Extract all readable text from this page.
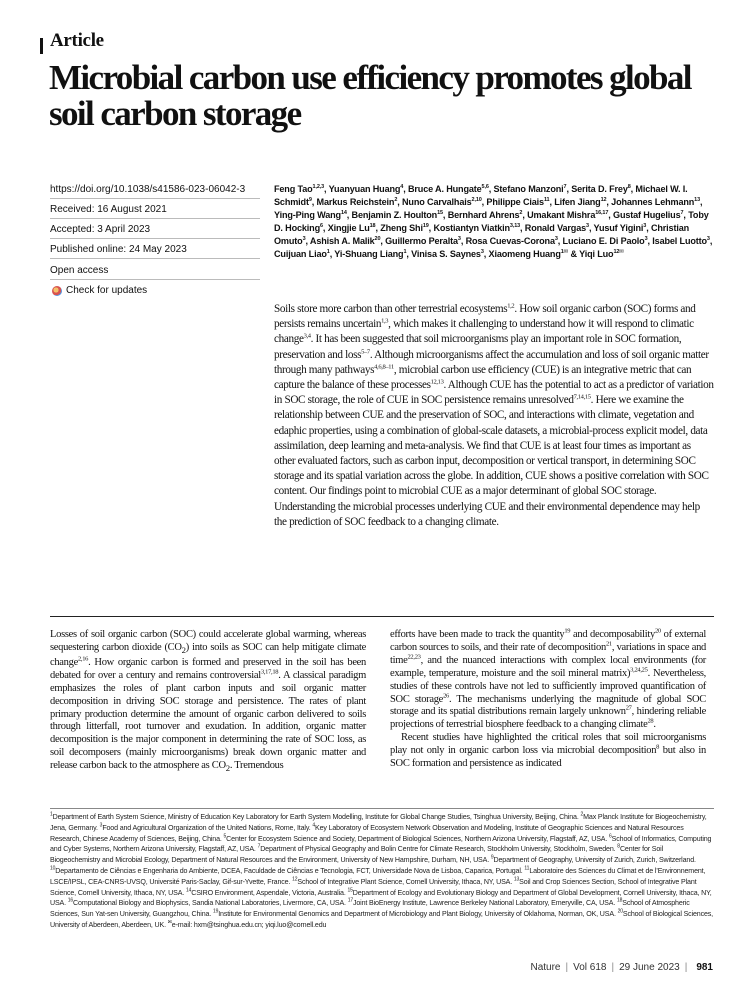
Article
Microbial carbon use efficiency promotes global soil carbon storage
https://doi.org/10.1038/s41586-023-06042-3
Received: 16 August 2021
Accepted: 3 April 2023
Published online: 24 May 2023
Open access
Check for updates
Feng Tao$^{1,2,3}$, Yuanyuan Huang$^4$, Bruce A. Hungate$^{5,6}$, Stefano Manzoni$^7$, Serita D. Frey$^8$, Michael W. I. Schmidt$^9$, Markus Reichstein$^2$, Nuno Carvalhais$^{2,10}$, Philippe Ciais$^{11}$, Lifen Jiang$^{12}$, Johannes Lehmann$^{13}$, Ying-Ping Wang$^{14}$, Benjamin Z. Houlton$^{15}$, Bernhard Ahrens$^2$, Umakant Mishra$^{16,17}$, Gustaf Hugelius$^7$, Toby D. Hocking$^6$, Xingjie Lu$^{18}$, Zheng Shi$^{19}$, Kostiantyn Viatkin$^{3,13}$, Ronald Vargas$^3$, Yusuf Yigini$^3$, Christian Omuto$^3$, Ashish A. Malik$^{20}$, Guillermo Peralta$^3$, Rosa Cuevas-Corona$^3$, Luciano E. Di Paolo$^3$, Isabel Luotto$^3$, Cuijuan Liao$^1$, Yi-Shuang Liang$^1$, Vinisa S. Saynes$^3$, Xiaomeng Huang$^{1✉}$ & Yiqi Luo$^{12✉}$
Soils store more carbon than other terrestrial ecosystems$^{1,2}$. How soil organic carbon (SOC) forms and persists remains uncertain$^{1,3}$, which makes it challenging to understand how it will respond to climatic change$^{3,4}$. It has been suggested that soil microorganisms play an important role in SOC formation, preservation and loss$^{5-7}$. Although microorganisms affect the accumulation and loss of soil organic matter through many pathways$^{4,6,8-11}$, microbial carbon use efficiency (CUE) is an integrative metric that can capture the balance of these processes$^{12,13}$. Although CUE has the potential to act as a predictor of variation in SOC storage, the role of CUE in SOC persistence remains unresolved$^{7,14,15}$. Here we examine the relationship between CUE and the preservation of SOC, and interactions with climate, vegetation and edaphic properties, using a combination of global-scale datasets, a microbial-process explicit model, data assimilation, deep learning and meta-analysis. We find that CUE is at least four times as important as other evaluated factors, such as carbon input, decomposition or vertical transport, in determining SOC storage and its spatial variation across the globe. In addition, CUE shows a positive correlation with SOC content. Our findings point to microbial CUE as a major determinant of global SOC storage. Understanding the microbial processes underlying CUE and their environmental dependence may help the prediction of SOC feedback to a changing climate.

Losses of soil organic carbon (SOC) could accelerate global warming, whereas sequestering carbon dioxide $(CO_2)$ into soils as SOC can help mitigate climate change$^{2,16}$. How organic carbon is formed and preserved in the soil has been debated for over a century and remains controversial$^{3,17,18}$. A classical paradigm emphasizes the roles of plant carbon inputs and soil organic matter decomposition in driving SOC storage and persistence. The rates of plant primary production determine the amount of organic carbon delivered to soils through litterfall, root turnover and exudation. In addition, organic matter decomposition is the major component in determining the rate of SOC loss, as soil decomposers (mainly microorganisms) break down organic matter and release carbon back to the atmosphere as $CO_2$. Tremendous

efforts have been made to track the quantity$^{19}$ and decomposability$^{20}$ of external carbon sources to soils, and their rate of decomposition$^{21}$, variations in space and time$^{22,23}$, and the nuanced interactions with complex local environments (for example, temperature, moisture and the soil mineral matrix)$^{3,24,25}$. Nevertheless, studies of these controls have not led to sufficiently improved quantification of SOC storage$^{26}$. The mechanisms underlying the magnitude of global SOC storage and its spatial distributions remain largely unknown$^{27}$, hindering reliable projections of terrestrial biosphere feedback to a changing climate$^{28}$.

Recent studies have highlighted the critical roles that soil microorganisms play not only in organic carbon loss via microbial decomposition$^8$ but also in SOC formation and persistence as indicated

$^1$Department of Earth System Science, Ministry of Education Key Laboratory for Earth System Modelling, Institute for Global Change Studies, Tsinghua University, Beijing, China. $^2$Max Planck Institute for Biogeochemistry, Jena, Germany. $^3$Food and Agricultural Organization of the United Nations, Rome, Italy. $^4$Key Laboratory of Ecosystem Network Observation and Modeling, Institute of Geographic Sciences and Natural Resources Research, Chinese Academy of Sciences, Beijing, China. $^5$Center for Ecosystem Science and Society, Department of Biological Sciences, Northern Arizona University, Flagstaff, AZ, USA. $^6$School of Informatics, Computing and Cyber Systems, Northern Arizona University, Flagstaff, AZ, USA. $^7$Department of Physical Geography and Bolin Centre for Climate Research, Stockholm University, Stockholm, Sweden. $^8$Center for Soil Biogeochemistry and Microbial Ecology, Department of Natural Resources and the Environment, University of New Hampshire, Durham, NH, USA. $^9$Department of Geography, University of Zurich, Zurich, Switzerland. $^{10}$Departamento de Ciências e Engenharia do Ambiente, DCEA, Faculdade de Ciências e Tecnologia, FCT, Universidade Nova de Lisboa, Caparica, Portugal. $^{11}$Laboratoire des Sciences du Climat et de l’Environnement, LSCE/IPSL, CEA-CNRS-UVSQ, Université Paris-Saclay, Gif-sur-Yvette, France. $^{12}$School of Integrative Plant Science, Cornell University, Ithaca, NY, USA. $^{13}$Soil and Crop Sciences Section, School of Integrative Plant Science, Cornell University, Ithaca, NY, USA. $^{14}$CSIRO Environment, Aspendale, Victoria, Australia. $^{15}$Department of Ecology and Evolutionary Biology and Department of Global Development, Cornell University, Ithaca, NY, USA. $^{16}$Computational Biology and Biophysics, Sandia National Laboratories, Livermore, CA, USA. $^{17}$Joint BioEnergy Institute, Lawrence Berkeley National Laboratory, Emeryville, CA, USA. $^{18}$School of Atmospheric Sciences, Sun Yat-sen University, Guangzhou, China. $^{19}$Institute for Environmental Genomics and Department of Microbiology and Plant Biology, University of Oklahoma, Norman, OK, USA. $^{20}$School of Biological Sciences, University of Aberdeen, Aberdeen, UK. ✉e-mail: hxm@tsinghua.edu.cn; yiqi.luo@cornell.edu
Nature | Vol 618 | 29 June 2023 | 981
